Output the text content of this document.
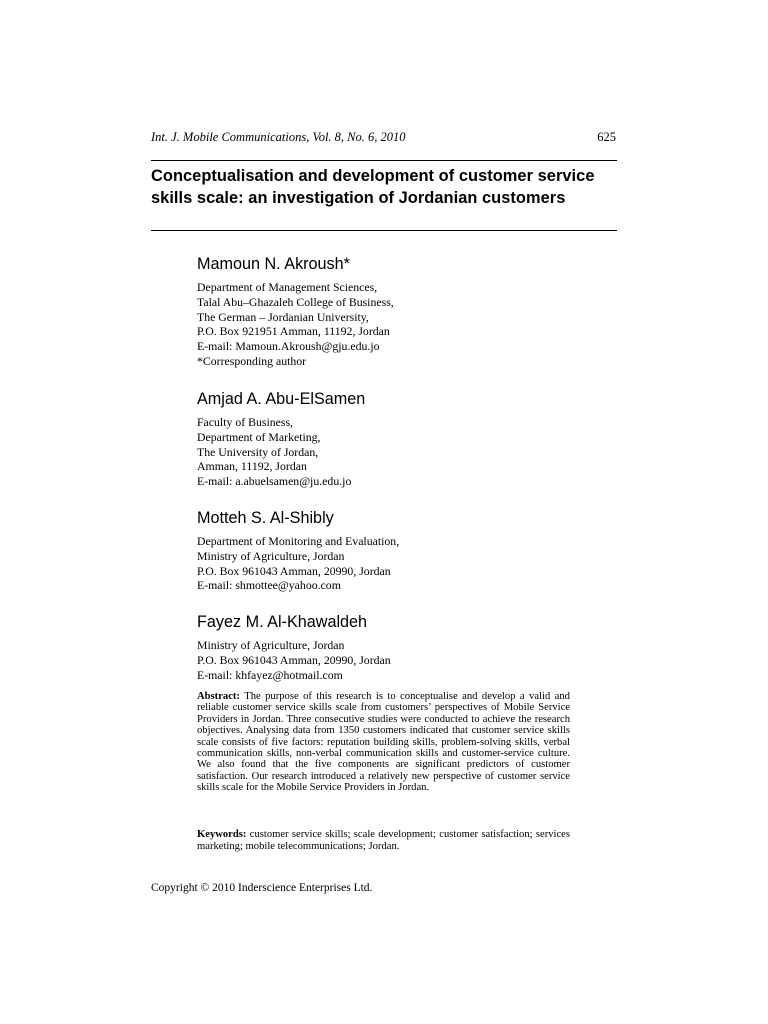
Int. J. Mobile Communications, Vol. 8, No. 6, 2010	625
Conceptualisation and development of customer service skills scale: an investigation of Jordanian customers
Mamoun N. Akroush*
Department of Management Sciences,
Talal Abu–Ghazaleh College of Business,
The German – Jordanian University,
P.O. Box 921951 Amman, 11192, Jordan
E-mail: Mamoun.Akroush@gju.edu.jo
*Corresponding author
Amjad A. Abu-ElSamen
Faculty of Business,
Department of Marketing,
The University of Jordan,
Amman, 11192, Jordan
E-mail: a.abuelsamen@ju.edu.jo
Motteh S. Al-Shibly
Department of Monitoring and Evaluation,
Ministry of Agriculture, Jordan
P.O. Box 961043 Amman, 20990, Jordan
E-mail: shmottee@yahoo.com
Fayez M. Al-Khawaldeh
Ministry of Agriculture, Jordan
P.O. Box 961043 Amman, 20990, Jordan
E-mail: khfayez@hotmail.com
Abstract: The purpose of this research is to conceptualise and develop a valid and reliable customer service skills scale from customers’ perspectives of Mobile Service Providers in Jordan. Three consecutive studies were conducted to achieve the research objectives. Analysing data from 1350 customers indicated that customer service skills scale consists of five factors: reputation building skills, problem-solving skills, verbal communication skills, non-verbal communication skills and customer-service culture. We also found that the five components are significant predictors of customer satisfaction. Our research introduced a relatively new perspective of customer service skills scale for the Mobile Service Providers in Jordan.
Keywords: customer service skills; scale development; customer satisfaction; services marketing; mobile telecommunications; Jordan.
Copyright © 2010 Inderscience Enterprises Ltd.
